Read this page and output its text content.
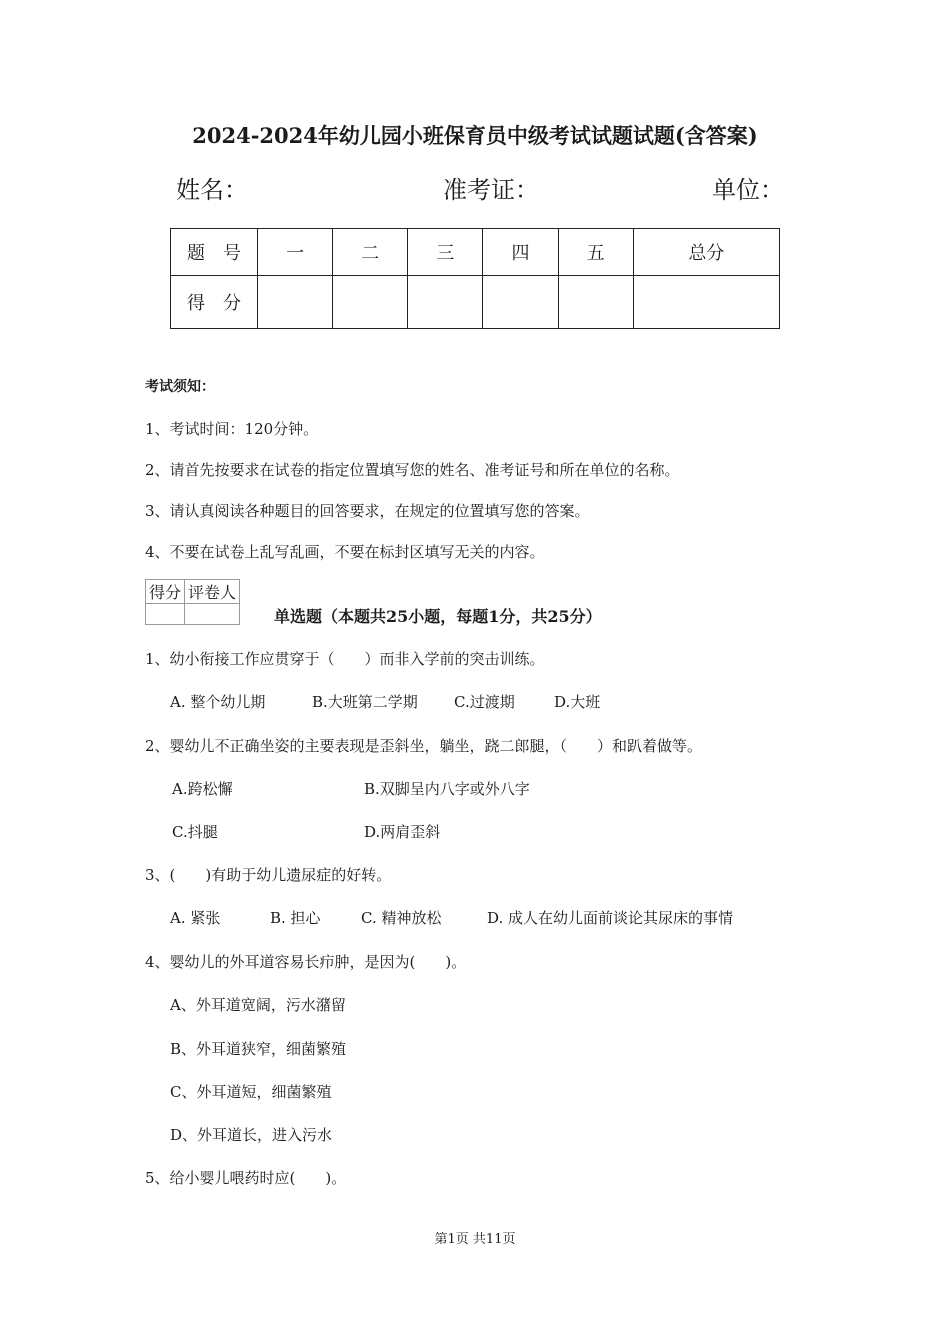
2024-2024年幼儿园小班保育员中级考试试题试题(含答案)
姓名：	准考证：	单位：
题　号	一	二	三	四	五	总分
得　分						
考试须知：
1、考试时间：120分钟。
2、请首先按要求在试卷的指定位置填写您的姓名、准考证号和所在单位的名称。
3、请认真阅读各种题目的回答要求，在规定的位置填写您的答案。
4、不要在试卷上乱写乱画，不要在标封区填写无关的内容。
得分	评卷人

单选题（本题共25小题，每题1分，共25分）
1、幼小衔接工作应贯穿于（　　）而非入学前的突击训练。
A. 整个幼儿期	B.大班第二学期 C.过渡期	D.大班
2、婴幼儿不正确坐姿的主要表现是歪斜坐，躺坐，跷二郎腿，（　　）和趴着做等。
A.跨松懈	B.双脚呈内八字或外八字
C.抖腿	D.两肩歪斜
3、(　　)有助于幼儿遗尿症的好转。
A. 紧张	B. 担心	C. 精神放松	D. 成人在幼儿面前谈论其尿床的事情
4、婴幼儿的外耳道容易长疖肿，是因为(　　)。
A、外耳道宽阔，污水潴留
B、外耳道狭窄，细菌繁殖
C、外耳道短，细菌繁殖
D、外耳道长，进入污水
5、给小婴儿喂药时应(　　)。
第1页 共11页
